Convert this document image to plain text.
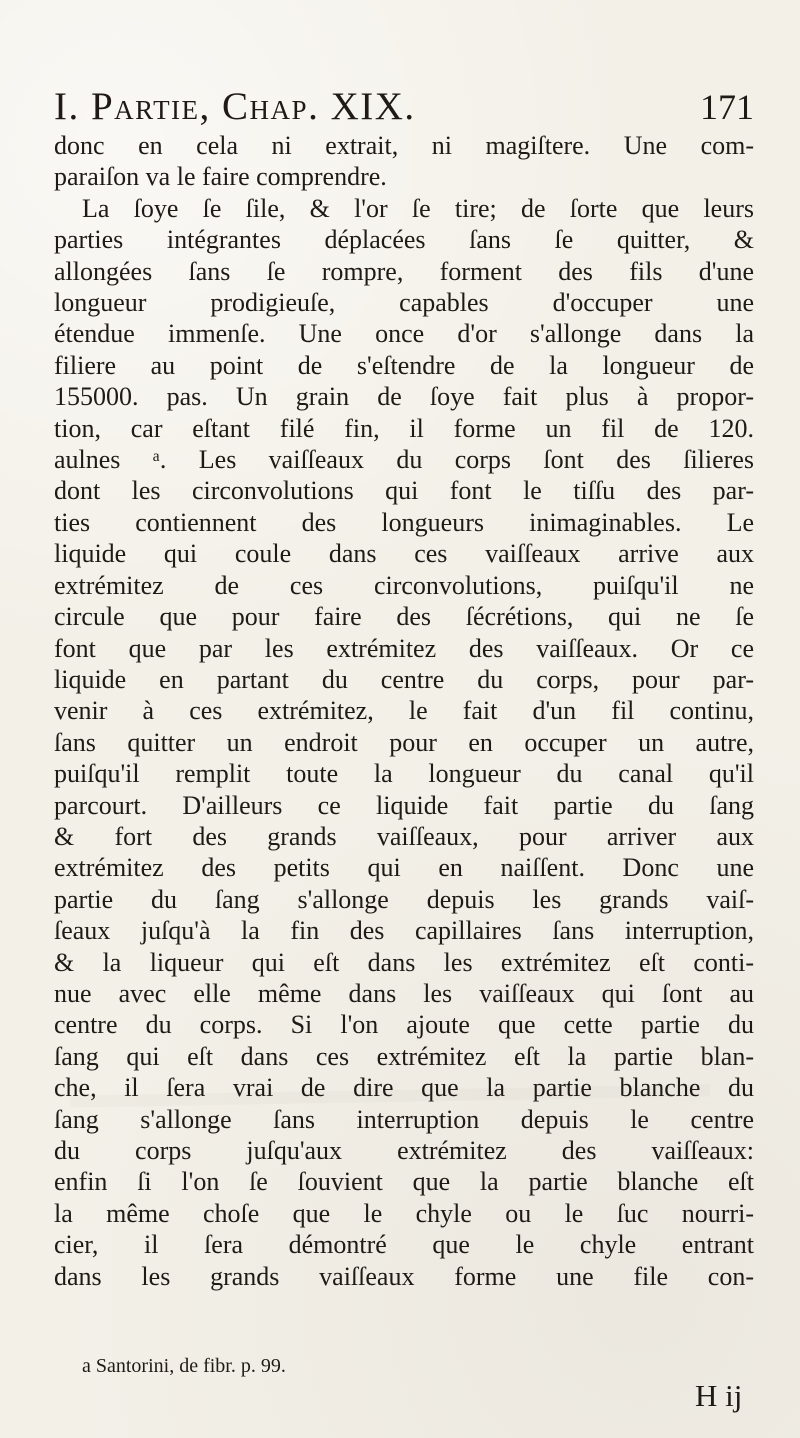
I. Partie, Chap. XIX.	171
donc en cela ni extrait, ni magiſtere. Une com-
paraiſon va le faire comprendre.
La ſoye ſe ſile, & l'or ſe tire; de ſorte que leurs
parties intégrantes déplacées ſans ſe quitter, &
allongées ſans ſe rompre, forment des fils d'une
longueur prodigieuſe, capables d'occuper une
étendue immenſe. Une once d'or s'allonge dans la
filiere au point de s'eſtendre de la longueur de
155000. pas. Un grain de ſoye fait plus à propor-
tion, car eſtant filé fin, il forme un fil de 120.
aulnes ᵃ. Les vaiſſeaux du corps ſont des ſilieres
dont les circonvolutions qui font le tiſſu des par-
ties contiennent des longueurs inimaginables. Le
liquide qui coule dans ces vaiſſeaux arrive aux
extrémitez de ces circonvolutions, puiſqu'il ne
circule que pour faire des ſécrétions, qui ne ſe
font que par les extrémitez des vaiſſeaux. Or ce
liquide en partant du centre du corps, pour par-
venir à ces extrémitez, le fait d'un fil continu,
ſans quitter un endroit pour en occuper un autre,
puiſqu'il remplit toute la longueur du canal qu'il
parcourt. D'ailleurs ce liquide fait partie du ſang
& fort des grands vaiſſeaux, pour arriver aux
extrémitez des petits qui en naiſſent. Donc une
partie du ſang s'allonge depuis les grands vaiſ-
ſeaux juſqu'à la fin des capillaires ſans interruption,
& la liqueur qui eſt dans les extrémitez eſt conti-
nue avec elle même dans les vaiſſeaux qui ſont au
centre du corps. Si l'on ajoute que cette partie du
ſang qui eſt dans ces extrémitez eſt la partie blan-
che, il ſera vrai de dire que la partie blanche du
ſang s'allonge ſans interruption depuis le centre
du corps juſqu'aux extrémitez des vaiſſeaux:
enfin ſi l'on ſe ſouvient que la partie blanche eſt
la même choſe que le chyle ou le ſuc nourri-
cier, il ſera démontré que le chyle entrant
dans les grands vaiſſeaux forme une file con-
a Santorini, de fibr. p. 99.
H ij
